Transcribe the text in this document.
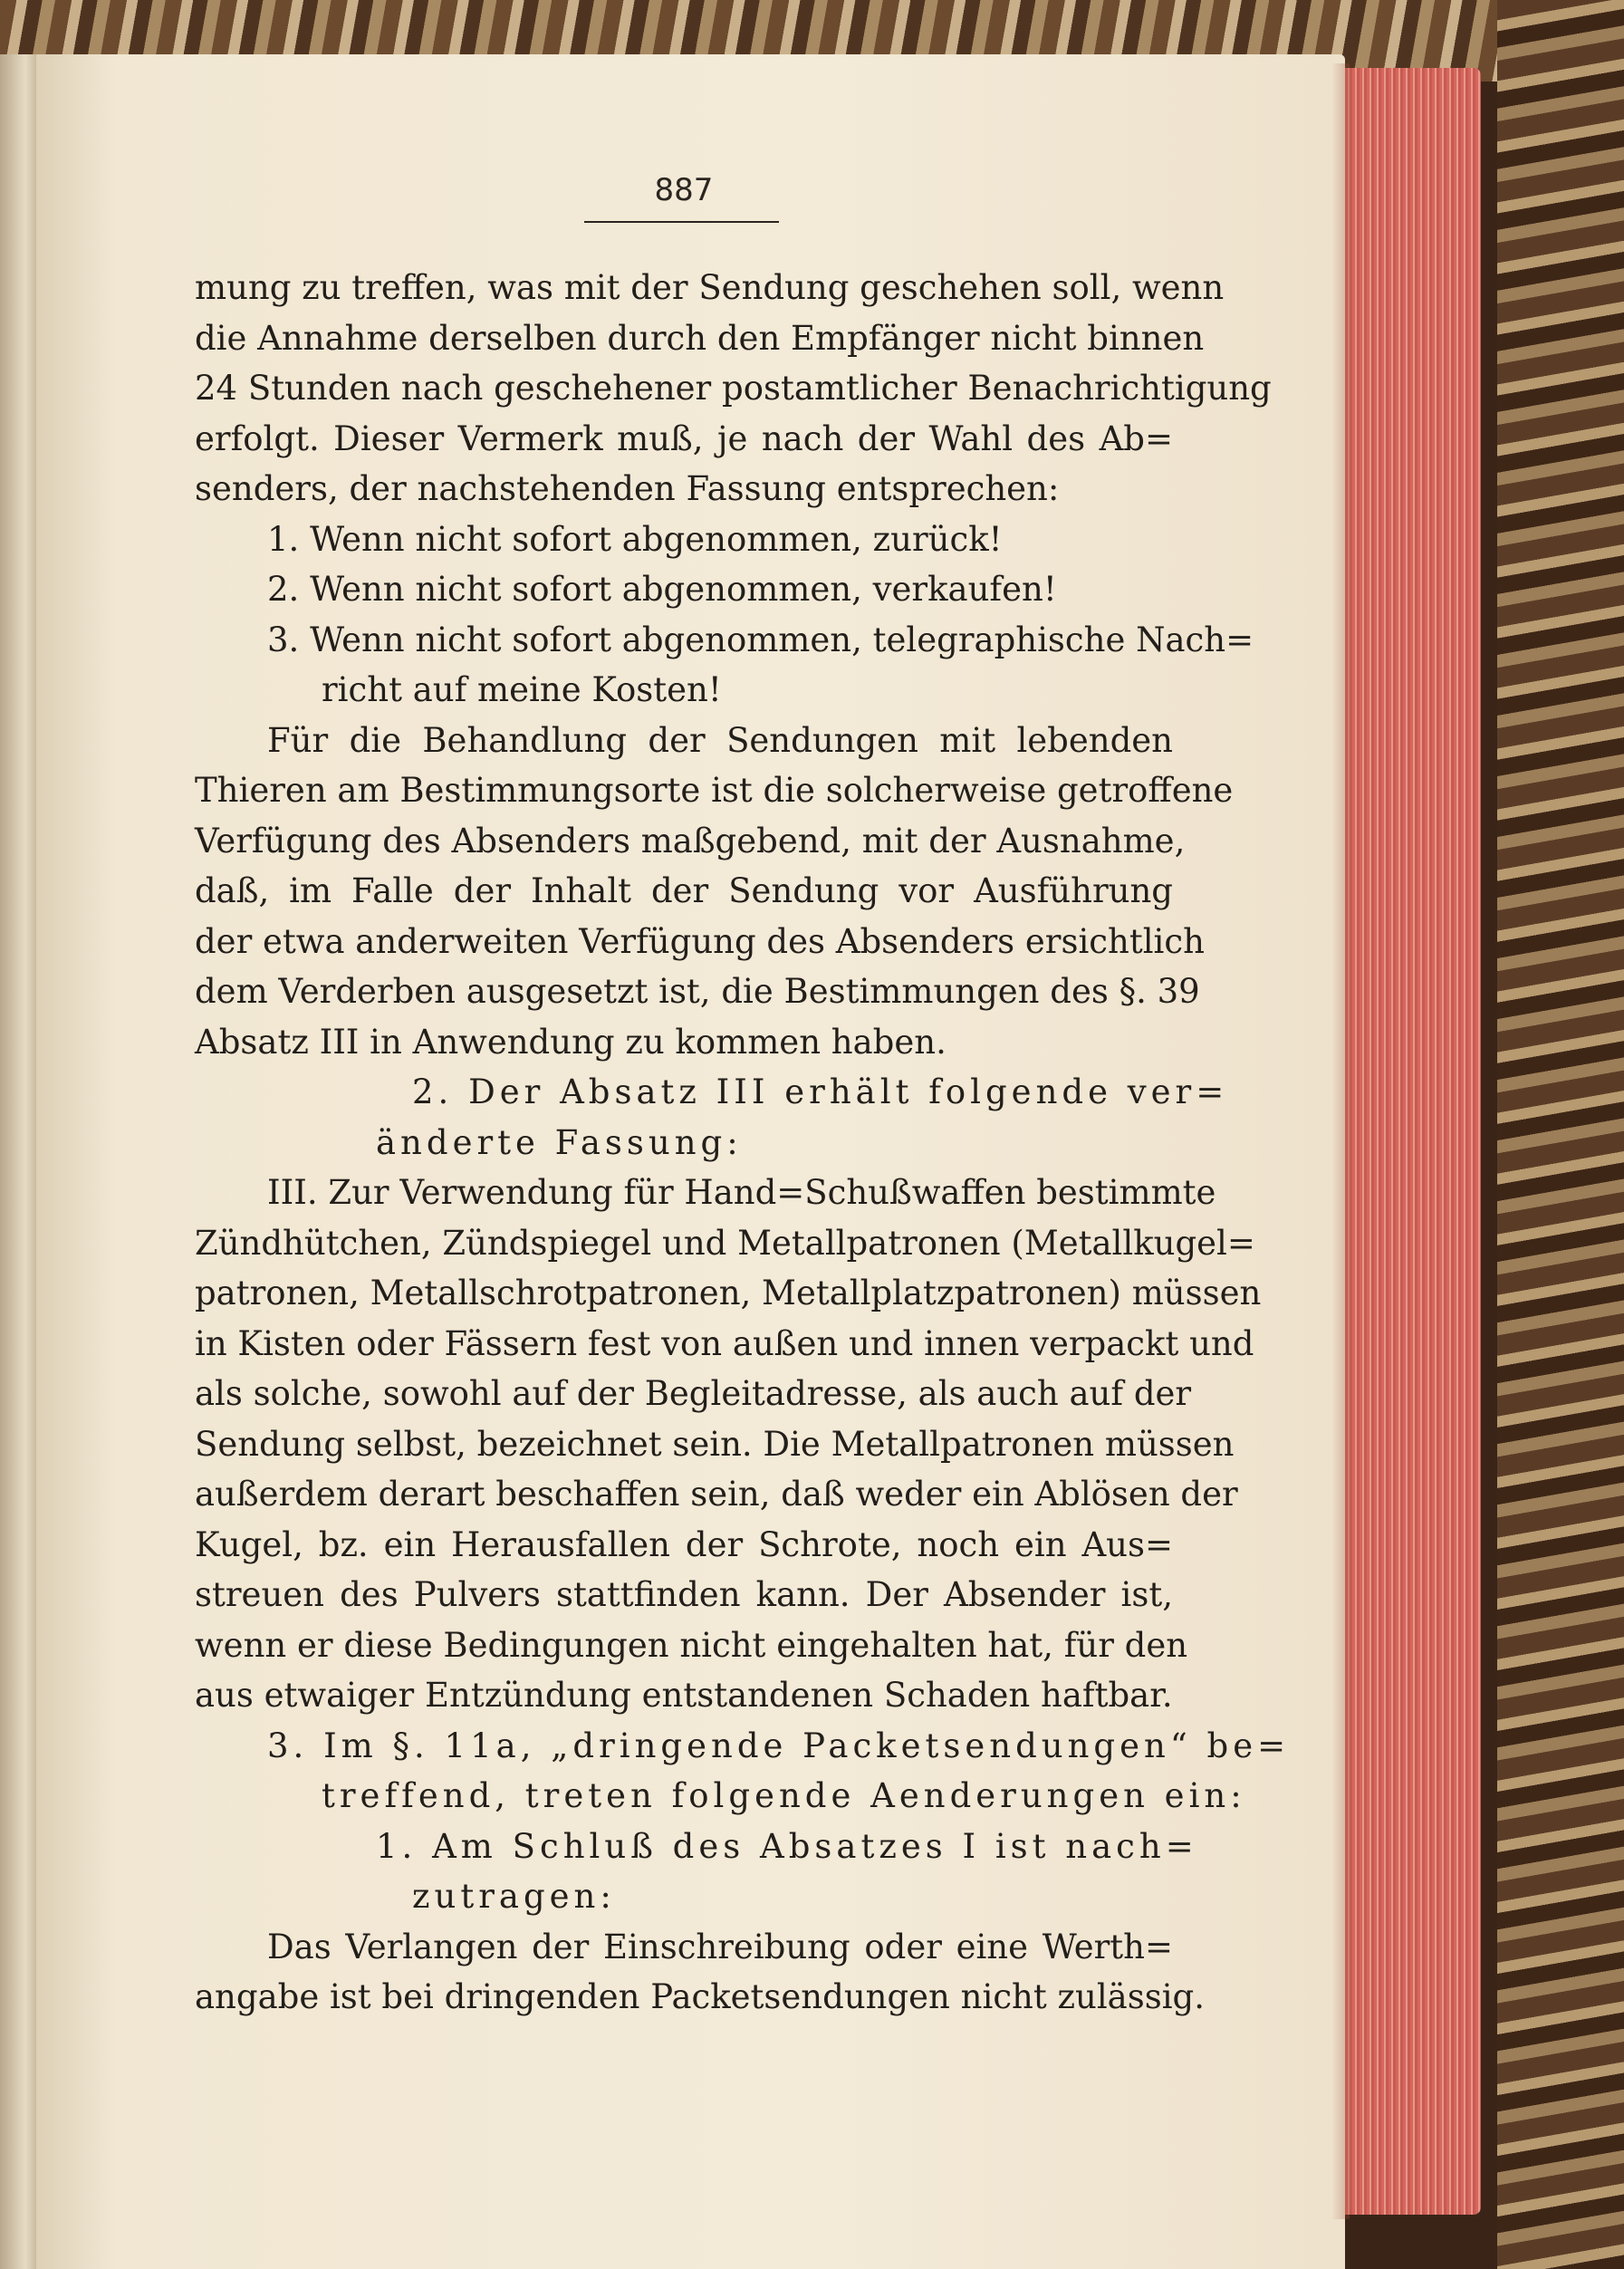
887
mung zu treffen, was mit der Sendung geschehen soll, wenn
die Annahme derselben durch den Empfänger nicht binnen
24 Stunden nach geschehener postamtlicher Benachrichtigung
erfolgt. Dieser Vermerk muß, je nach der Wahl des Ab=
senders, der nachstehenden Fassung entsprechen:
1. Wenn nicht sofort abgenommen, zurück!
2. Wenn nicht sofort abgenommen, verkaufen!
3. Wenn nicht sofort abgenommen, telegraphische Nach=
richt auf meine Kosten!
Für die Behandlung der Sendungen mit lebenden
Thieren am Bestimmungsorte ist die solcherweise getroffene
Verfügung des Absenders maßgebend, mit der Ausnahme,
daß, im Falle der Inhalt der Sendung vor Ausführung
der etwa anderweiten Verfügung des Absenders ersichtlich
dem Verderben ausgesetzt ist, die Bestimmungen des §. 39
Absatz III in Anwendung zu kommen haben.
2. Der Absatz III erhält folgende ver=
änderte Fassung:
III. Zur Verwendung für Hand=Schußwaffen bestimmte
Zündhütchen, Zündspiegel und Metallpatronen (Metallkugel=
patronen, Metallschrotpatronen, Metallplatzpatronen) müssen
in Kisten oder Fässern fest von außen und innen verpackt und
als solche, sowohl auf der Begleitadresse, als auch auf der
Sendung selbst, bezeichnet sein. Die Metallpatronen müssen
außerdem derart beschaffen sein, daß weder ein Ablösen der
Kugel, bz. ein Herausfallen der Schrote, noch ein Aus=
streuen des Pulvers stattfinden kann. Der Absender ist,
wenn er diese Bedingungen nicht eingehalten hat, für den
aus etwaiger Entzündung entstandenen Schaden haftbar.
3. Im §. 11a, „dringende Packetsendungen“ be=
treffend, treten folgende Aenderungen ein:
1. Am Schluß des Absatzes I ist nach=
zutragen:
Das Verlangen der Einschreibung oder eine Werth=
angabe ist bei dringenden Packetsendungen nicht zulässig.
